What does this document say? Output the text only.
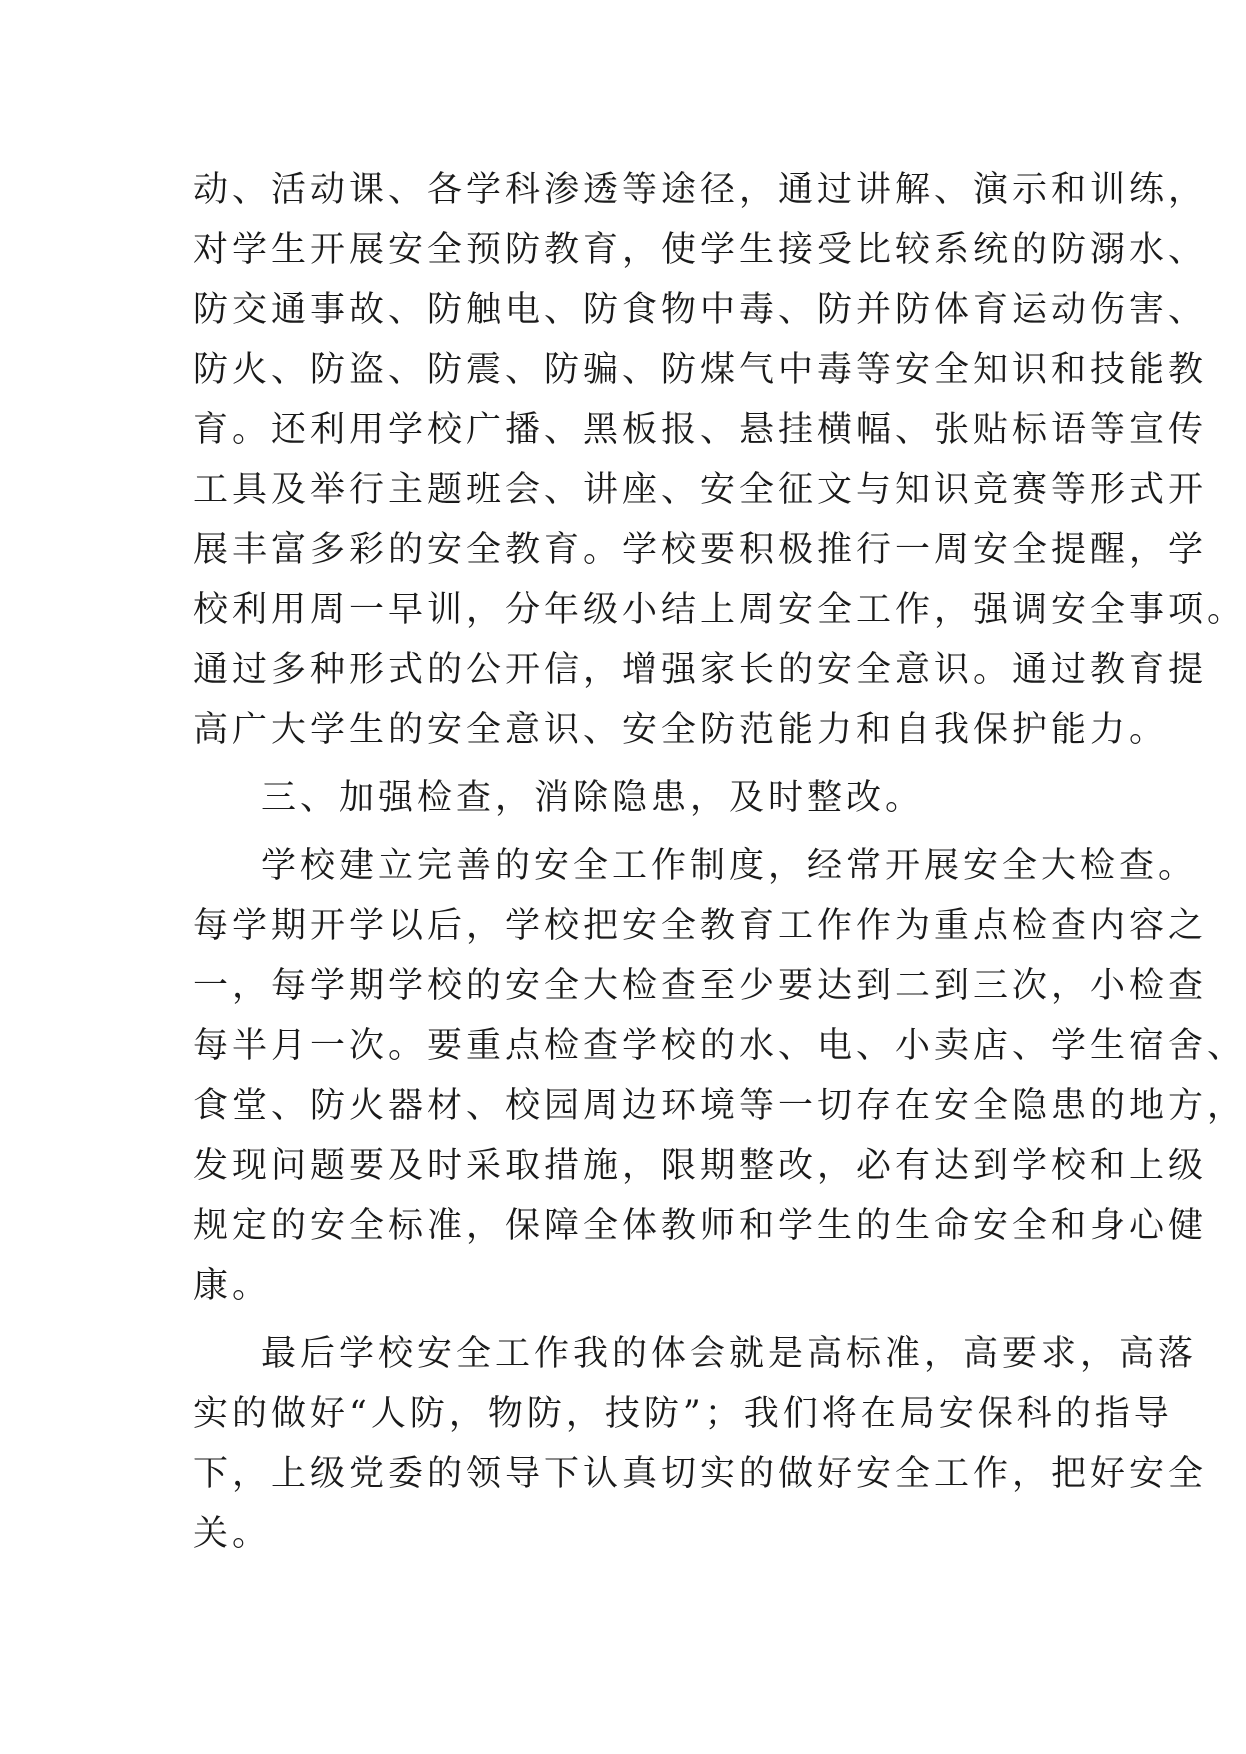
动、活动课、各学科渗透等途径，通过讲解、演示和训练，
对学生开展安全预防教育，使学生接受比较系统的防溺水、
防交通事故、防触电、防食物中毒、防并防体育运动伤害、
防火、防盗、防震、防骗、防煤气中毒等安全知识和技能教
育。还利用学校广播、黑板报、悬挂横幅、张贴标语等宣传
工具及举行主题班会、讲座、安全征文与知识竞赛等形式开
展丰富多彩的安全教育。学校要积极推行一周安全提醒，学
校利用周一早训，分年级小结上周安全工作，强调安全事项。
通过多种形式的公开信，增强家长的安全意识。通过教育提
高广大学生的安全意识、安全防范能力和自我保护能力。
三、加强检查，消除隐患，及时整改。
学校建立完善的安全工作制度，经常开展安全大检查。
每学期开学以后，学校把安全教育工作作为重点检查内容之
一，每学期学校的安全大检查至少要达到二到三次，小检查
每半月一次。要重点检查学校的水、电、小卖店、学生宿舍、
食堂、防火器材、校园周边环境等一切存在安全隐患的地方，
发现问题要及时采取措施，限期整改，必有达到学校和上级
规定的安全标准，保障全体教师和学生的生命安全和身心健
康。
最后学校安全工作我的体会就是高标准，高要求，高落
实的做好“人防，物防，技防”；我们将在局安保科的指导
下，上级党委的领导下认真切实的做好安全工作，把好安全
关。
